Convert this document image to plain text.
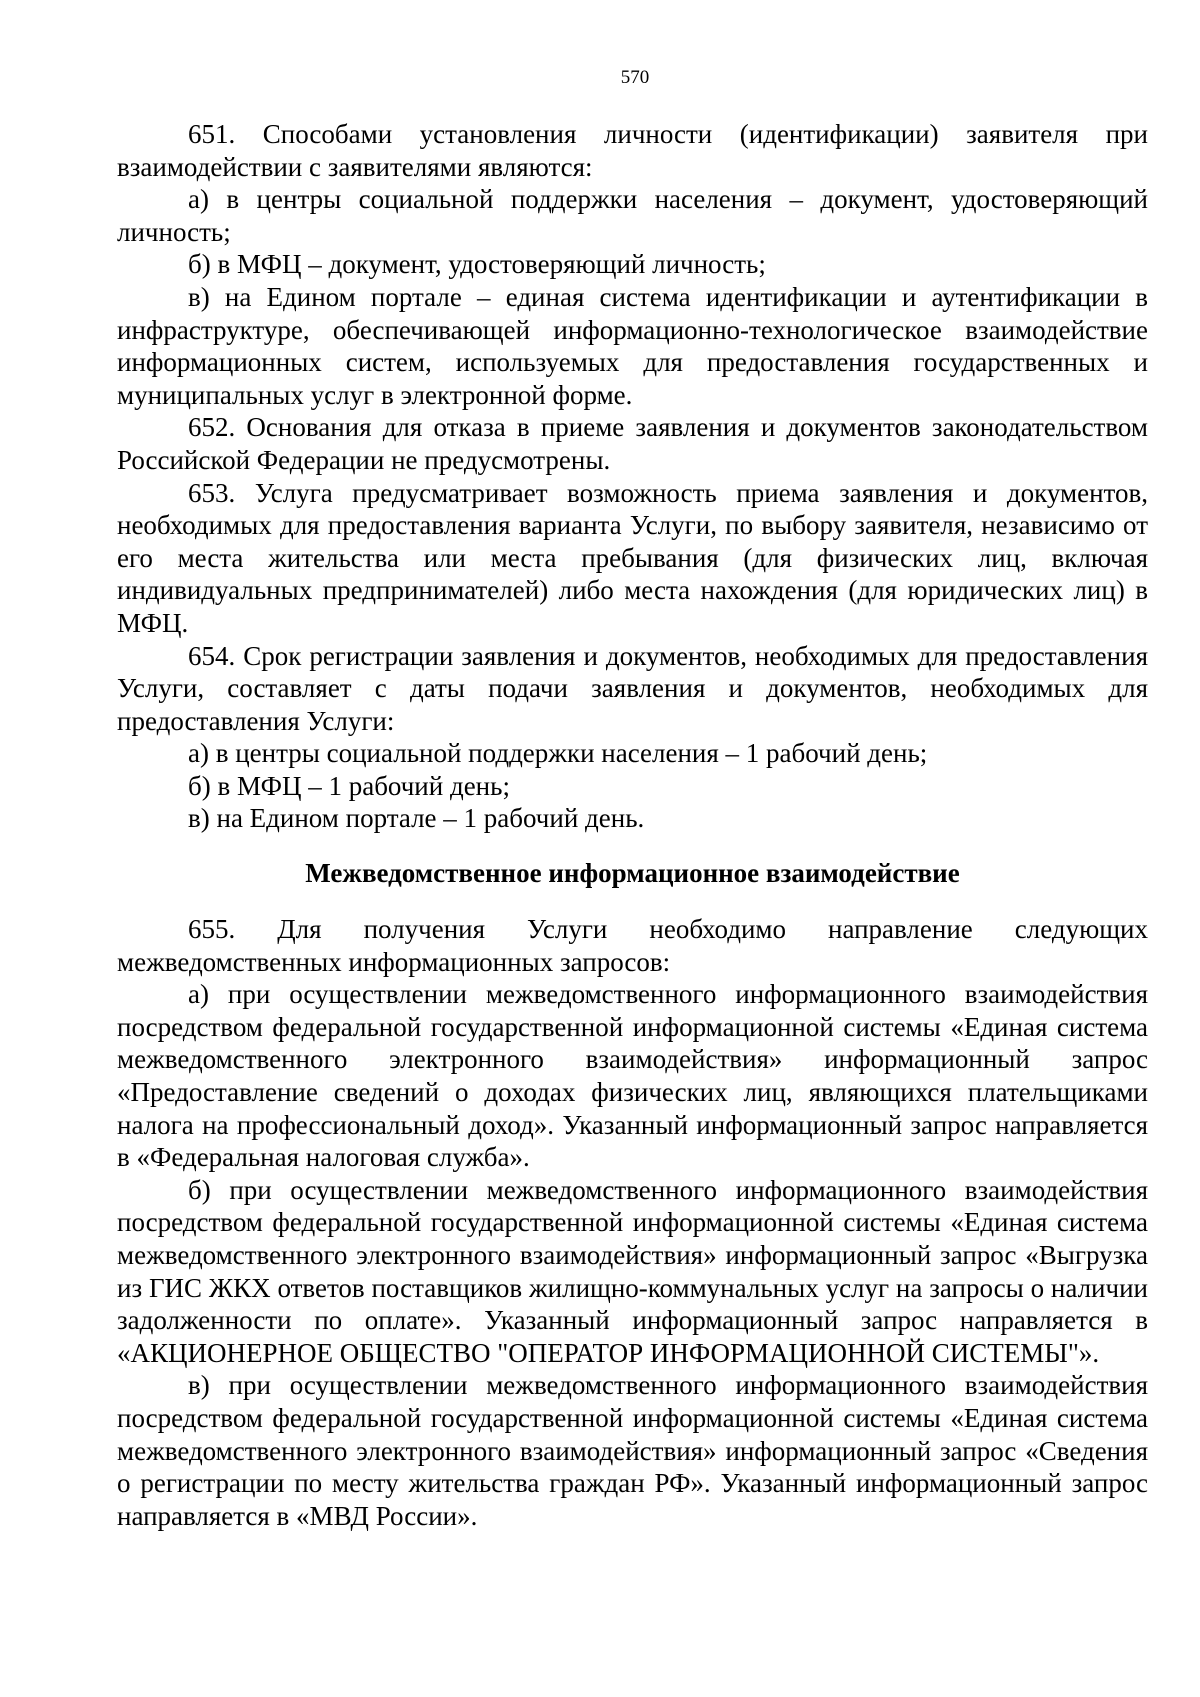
570

651. Способами установления личности (идентификации) заявителя при взаимодействии с заявителями являются:

а) в центры социальной поддержки населения – документ, удостоверяющий личность;

б) в МФЦ – документ, удостоверяющий личность;

в) на Едином портале – единая система идентификации и аутентификации в инфраструктуре, обеспечивающей информационно-технологическое взаимодействие информационных систем, используемых для предоставления государственных и муниципальных услуг в электронной форме.

652. Основания для отказа в приеме заявления и документов законодательством Российской Федерации не предусмотрены.

653. Услуга предусматривает возможность приема заявления и документов, необходимых для предоставления варианта Услуги, по выбору заявителя, независимо от его места жительства или места пребывания (для физических лиц, включая индивидуальных предпринимателей) либо места нахождения (для юридических лиц) в МФЦ.

654. Срок регистрации заявления и документов, необходимых для предоставления Услуги, составляет с даты подачи заявления и документов, необходимых для предоставления Услуги:

а) в центры социальной поддержки населения – 1 рабочий день;

б) в МФЦ – 1 рабочий день;

в) на Едином портале – 1 рабочий день.

Межведомственное информационное взаимодействие

655. Для получения Услуги необходимо направление следующих межведомственных информационных запросов:

а) при осуществлении межведомственного информационного взаимодействия посредством федеральной государственной информационной системы «Единая система межведомственного электронного взаимодействия» информационный запрос «Предоставление сведений о доходах физических лиц, являющихся плательщиками налога на профессиональный доход». Указанный информационный запрос направляется в «Федеральная налоговая служба».

б) при осуществлении межведомственного информационного взаимодействия посредством федеральной государственной информационной системы «Единая система межведомственного электронного взаимодействия» информационный запрос «Выгрузка из ГИС ЖКХ ответов поставщиков жилищно-коммунальных услуг на запросы о наличии задолженности по оплате». Указанный информационный запрос направляется в «АКЦИОНЕРНОЕ ОБЩЕСТВО "ОПЕРАТОР ИНФОРМАЦИОННОЙ СИСТЕМЫ"».

в) при осуществлении межведомственного информационного взаимодействия посредством федеральной государственной информационной системы «Единая система межведомственного электронного взаимодействия» информационный запрос «Сведения о регистрации по месту жительства граждан РФ». Указанный информационный запрос направляется в «МВД России».
